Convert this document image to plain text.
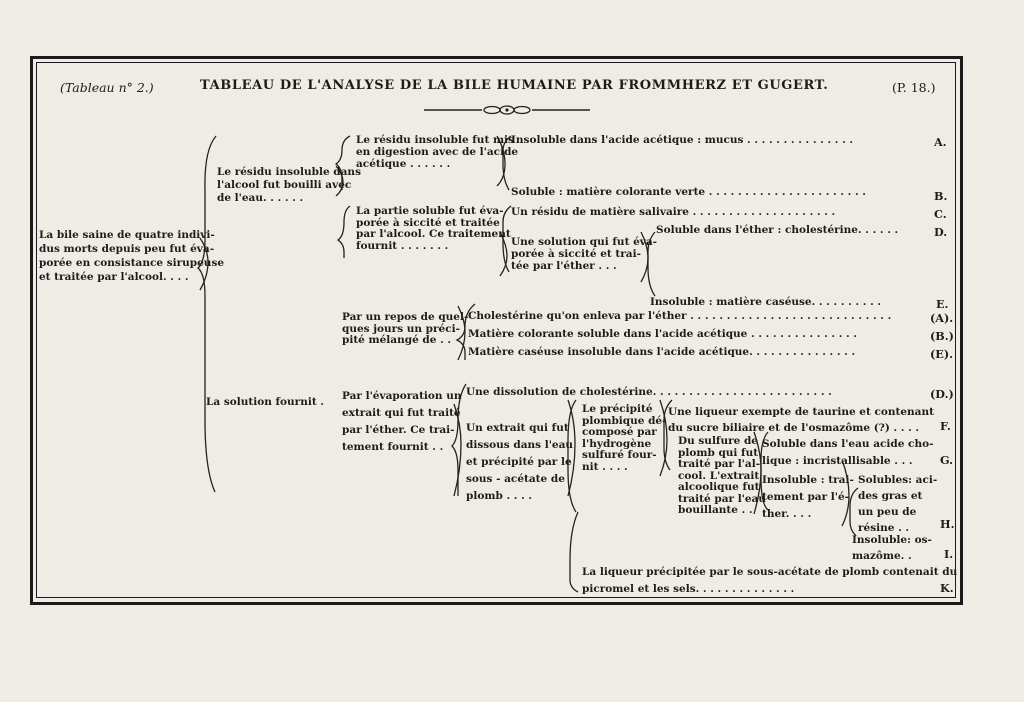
(Tableau n° 2.)	TABLEAU DE L'ANALYSE DE LA BILE HUMAINE PAR FROMMHERZ ET GUGERT.	(P. 18.)
La bile saine de quatre indivi-
dus morts depuis peu fut éva-
porée en consistance sirupeuse
et traitée par l'alcool. . . .
Le résidu insoluble dans
l'alcool fut bouilli avec
de l'eau. . . . . .
La solution fournit .
Le résidu insoluble fut mis
en digestion avec de l'acide
acétique . . . . . .
La partie soluble fut éva-
porée à siccité et traitée
par l'alcool. Ce traitement
fournit . . . . . . .
Insoluble dans l'acide acétique : mucus . . . . . . . . . . . . . . .	A.
Soluble : matière colorante verte . . . . . . . . . . . . . . . . . . . . . .	B.
Un résidu de matière salivaire . . . . . . . . . . . . . . . . . . . .	C.
Une solution qui fut éva-
porée à siccité et trai-
tée par l'éther . . .
Soluble dans l'éther : cholestérine. . . . . .	D.
Insoluble : matière caséuse. . . . . . . . . .	E.
Par un repos de quel-
ques jours un préci-
pité mélangé de . .
Cholestérine qu'on enleva par l'éther . . . . . . . . . . . . . . . . . . . . . . . . . . . .	(A).
Matière colorante soluble dans l'acide acétique . . . . . . . . . . . . . . .	(B.)
Matière caséuse insoluble dans l'acide acétique. . . . . . . . . . . . . . .	(E).
Par l'évaporation un
extrait qui fut traité
par l'éther. Ce trai-
tement fournit . .
Une dissolution de cholestérine. . . . . . . . . . . . . . . . . . . . . . . . .	(D.)
Un extrait qui fut
dissous dans l'eau
et précipité par le
sous - acétate de
plomb . . . .
Le précipité
plombique dé-
composé par
l'hydrogène
sulfuré four-
nit . . . .
Une liqueur exempte de taurine et contenant
du sucre biliaire et de l'osmazôme (?) . . . .	F.
Du sulfure de
plomb qui fut
traité par l'al-
cool. L'extrait
alcoolique fut
traité par l'eau
bouillante . .
Soluble dans l'eau acide cho-
lique : incristallisable . . .	G.
Insoluble : trai-
tement par l'é-
ther. . . .
Solubles: aci-
des gras et
un peu de
résine . .	H.
Insoluble: os-
mazôme. .	I.
La liqueur précipitée par le sous-acétate de plomb contenait du
picromel et les sels. . . . . . . . . . . . . .	K.
